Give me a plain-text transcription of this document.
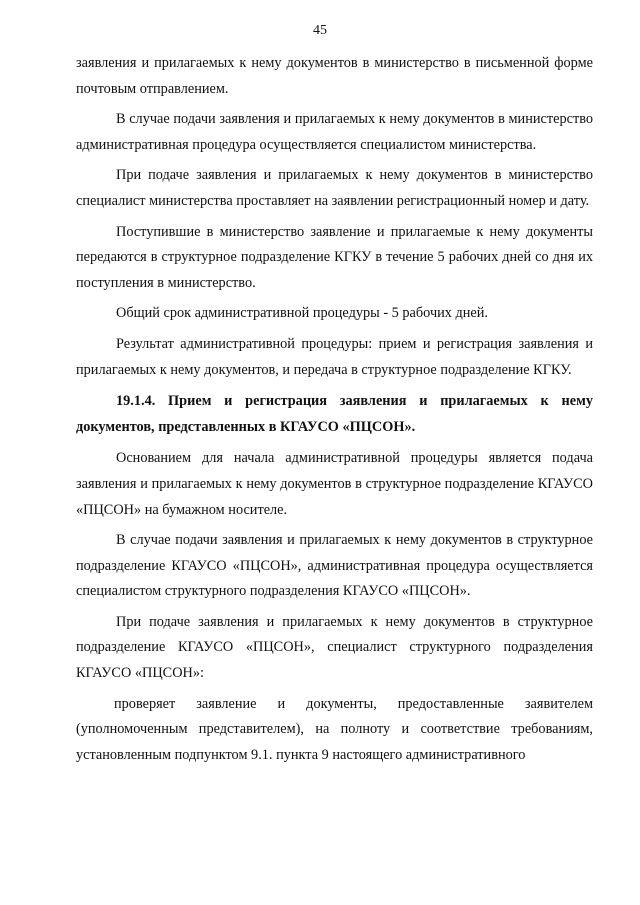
45

заявления и прилагаемых к нему документов в министерство в письменной форме почтовым отправлением.

В случае подачи заявления и прилагаемых к нему документов в министерство административная процедура осуществляется специалистом министерства.

При подаче заявления и прилагаемых к нему документов в министерство специалист министерства проставляет на заявлении регистрационный номер и дату.

Поступившие в министерство заявление и прилагаемые к нему документы передаются в структурное подразделение КГКУ в течение 5 рабочих дней со дня их поступления в министерство.

Общий срок административной процедуры - 5 рабочих дней.

Результат административной процедуры: прием и регистрация заявления и прилагаемых к нему документов, и передача в структурное подразделение КГКУ.

19.1.4. Прием и регистрация заявления и прилагаемых к нему документов, представленных в КГАУСО «ПЦСОН».

Основанием для начала административной процедуры является подача заявления и прилагаемых к нему документов в структурное подразделение КГАУСО «ПЦСОН» на бумажном носителе.

В случае подачи заявления и прилагаемых к нему документов в структурное подразделение КГАУСО «ПЦСОН», административная процедура осуществляется специалистом структурного подразделения КГАУСО «ПЦСОН».

При подаче заявления и прилагаемых к нему документов в структурное подразделение КГАУСО «ПЦСОН», специалист структурного подразделения КГАУСО «ПЦСОН»:

проверяет заявление и документы, предоставленные заявителем (уполномоченным представителем), на полноту и соответствие требованиям, установленным подпунктом 9.1. пункта 9 настоящего административного
